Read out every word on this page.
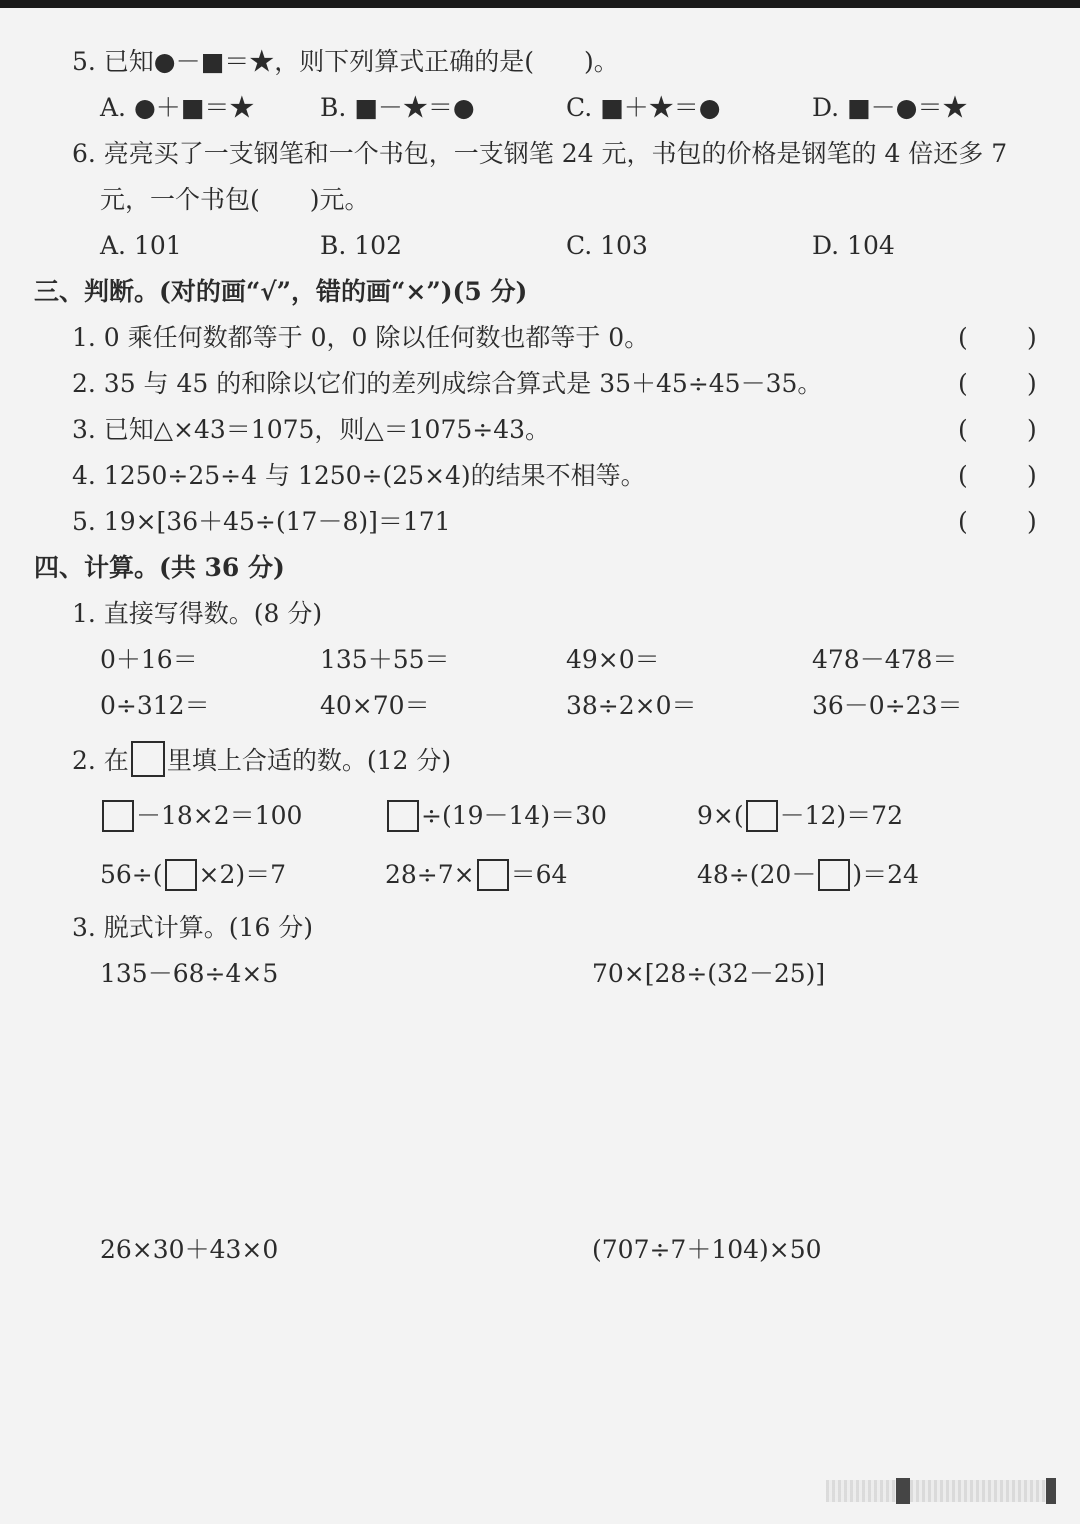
5. 已知●－■＝★，则下列算式正确的是(　　)。
A. ●＋■＝★	B. ■－★＝●	C. ■＋★＝●	D. ■－●＝★
6. 亮亮买了一支钢笔和一个书包，一支钢笔 24 元，书包的价格是钢笔的 4 倍还多 7
元，一个书包(　　)元。
A. 101	B. 102	C. 103	D. 104
三、判断。(对的画“√”，错的画“×”)(5 分)
1. 0 乘任何数都等于 0，0 除以任何数也都等于 0。	( )
2. 35 与 45 的和除以它们的差列成综合算式是 35＋45÷45－35。	( )
3. 已知△×43＝1075，则△＝1075÷43。	( )
4. 1250÷25÷4 与 1250÷(25×4)的结果不相等。	( )
5. 19×[36＋45÷(17－8)]＝171	( )
四、计算。(共 36 分)
1. 直接写得数。(8 分)
0＋16＝	135＋55＝	49×0＝	478－478＝
0÷312＝	40×70＝	38÷2×0＝	36－0÷23＝
2. 在 里填上合适的数。(12 分)
－18×2＝100	÷(19－14)＝30	9×( －12)＝72
56÷( ×2)＝7	28÷7× ＝64	48÷(20－ )＝24
3. 脱式计算。(16 分)
135－68÷4×5	70×[28÷(32－25)]
26×30＋43×0	(707÷7＋104)×50
